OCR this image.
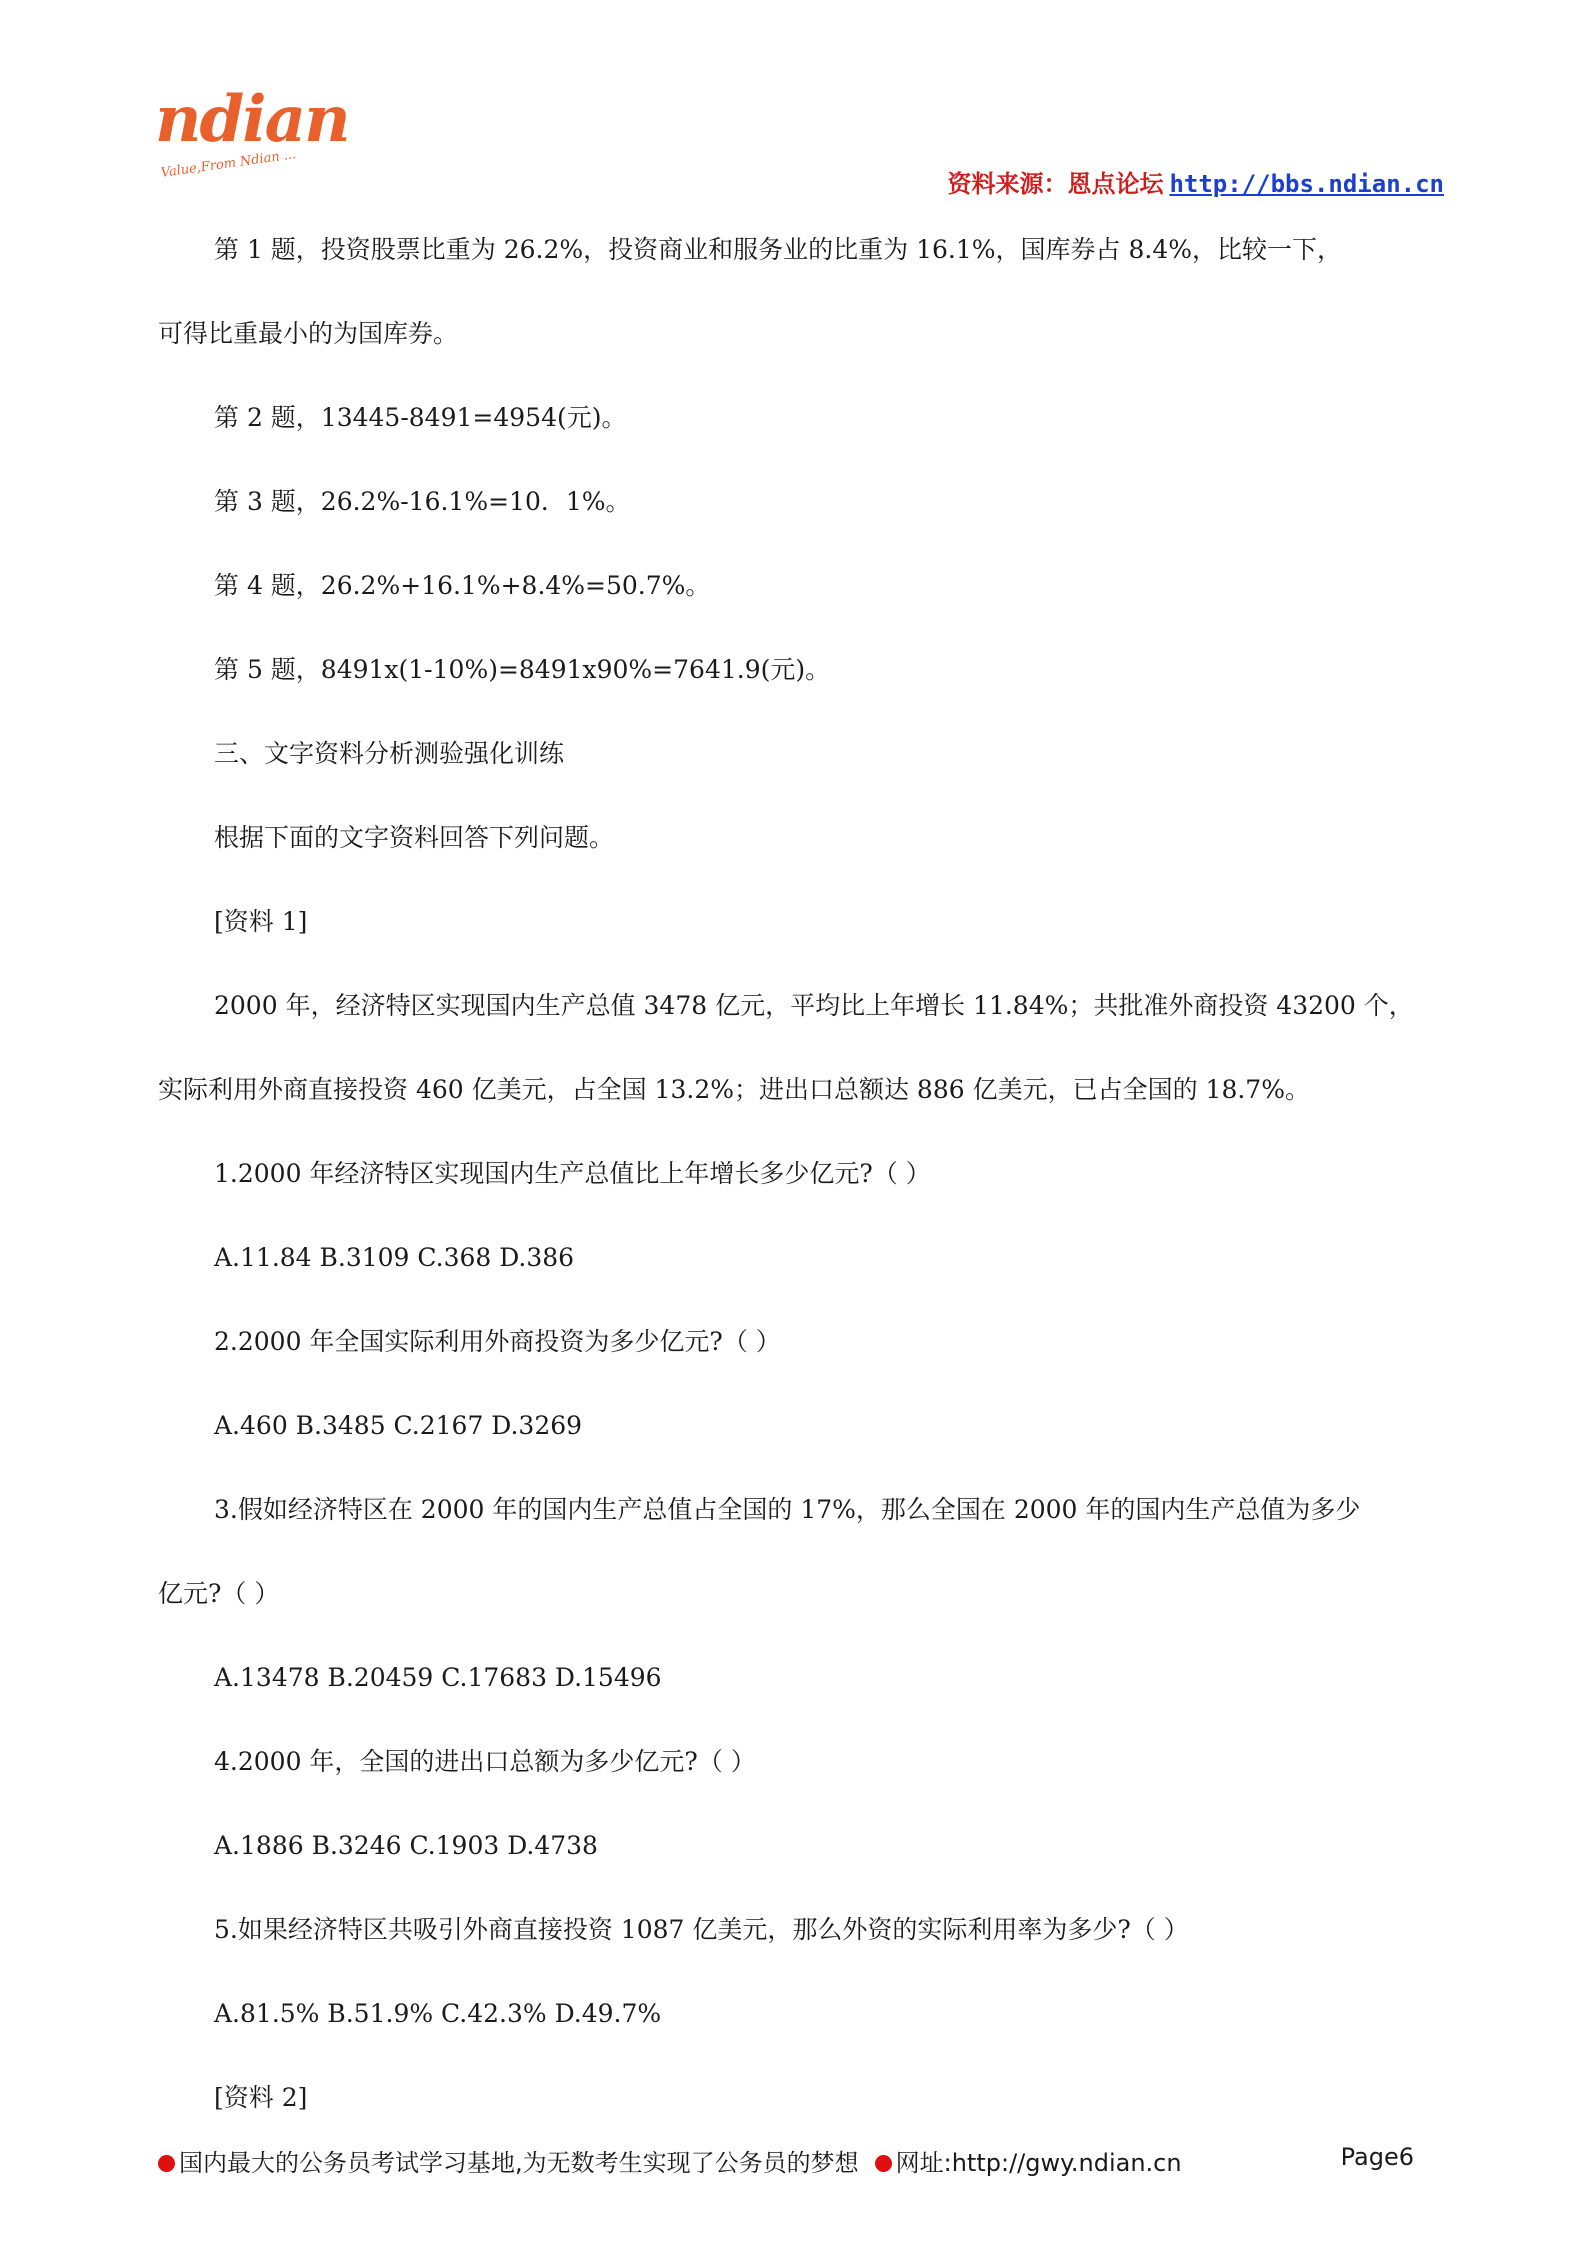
ndian
Value,From Ndian ...
资料来源：恩点论坛 http://bbs.ndian.cn

第 1 题，投资股票比重为 26.2%，投资商业和服务业的比重为 16.1%，国库券占 8.4%，比较一下，

可得比重最小的为国库券。

第 2 题，13445-8491=4954(元)。

第 3 题，26.2%-16.1%=10．1%。

第 4 题，26.2%+16.1%+8.4%=50.7%。

第 5 题，8491x(1-10%)=8491x90%=7641.9(元)。

三、文字资料分析测验强化训练

根据下面的文字资料回答下列问题。

[资料 1]

2000 年，经济特区实现国内生产总值 3478 亿元，平均比上年增长 11.84%；共批准外商投资 43200 个，

实际利用外商直接投资 460 亿美元，占全国 13.2%；进出口总额达 886 亿美元，已占全国的 18.7%。

1.2000 年经济特区实现国内生产总值比上年增长多少亿元?（ ）

A.11.84 B.3109 C.368 D.386

2.2000 年全国实际利用外商投资为多少亿元?（ ）

A.460 B.3485 C.2167 D.3269

3.假如经济特区在 2000 年的国内生产总值占全国的 17%，那么全国在 2000 年的国内生产总值为多少

亿元?（ ）

A.13478 B.20459 C.17683 D.15496

4.2000 年，全国的进出口总额为多少亿元?（ ）

A.1886 B.3246 C.1903 D.4738

5.如果经济特区共吸引外商直接投资 1087 亿美元，那么外资的实际利用率为多少?（ ）

A.81.5% B.51.9% C.42.3% D.49.7%

[资料 2]

国内最大的公务员考试学习基地,为无数考生实现了公务员的梦想 网址:http://gwy.ndian.cn	Page6
